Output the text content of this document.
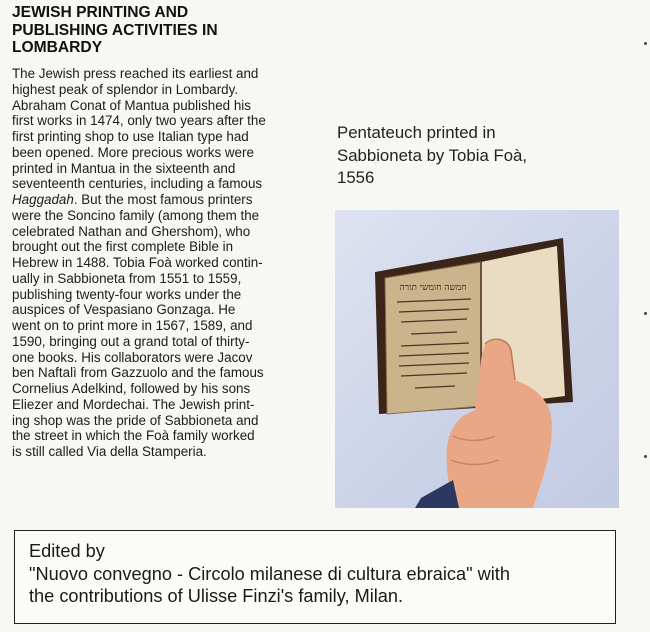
JEWISH PRINTING AND
PUBLISHING ACTIVITIES IN
LOMBARDY
The Jewish press reached its earliest and
highest peak of splendor in Lombardy.
Abraham Conat of Mantua published his
first works in 1474, only two years after the
first printing shop to use Italian type had
been opened. More precious works were
printed in Mantua in the sixteenth and
seventeenth centuries, including a famous
Haggadah. But the most famous printers
were the Soncino family (among them the
celebrated Nathan and Ghershom), who
brought out the first complete Bible in
Hebrew in 1488. Tobia Foà worked contin-
ually in Sabbioneta from 1551 to 1559,
publishing twenty-four works under the
auspices of Vespasiano Gonzaga. He
went on to print more in 1567, 1589, and
1590, bringing out a grand total of thirty-
one books. His collaborators were Jacov
ben Naftalì from Gazzuolo and the famous
Cornelius Adelkind, followed by his sons
Eliezer and Mordechai. The Jewish print-
ing shop was the pride of Sabbioneta and
the street in which the Foà family worked
is still called Via della Stamperia.
Pentateuch printed in
Sabbioneta by Tobia Foà,
1556
חמשה חומשי תורה

Edited by

"Nuovo convegno - Circolo milanese di cultura ebraica" with

the contributions of Ulisse Finzi's family, Milan.
